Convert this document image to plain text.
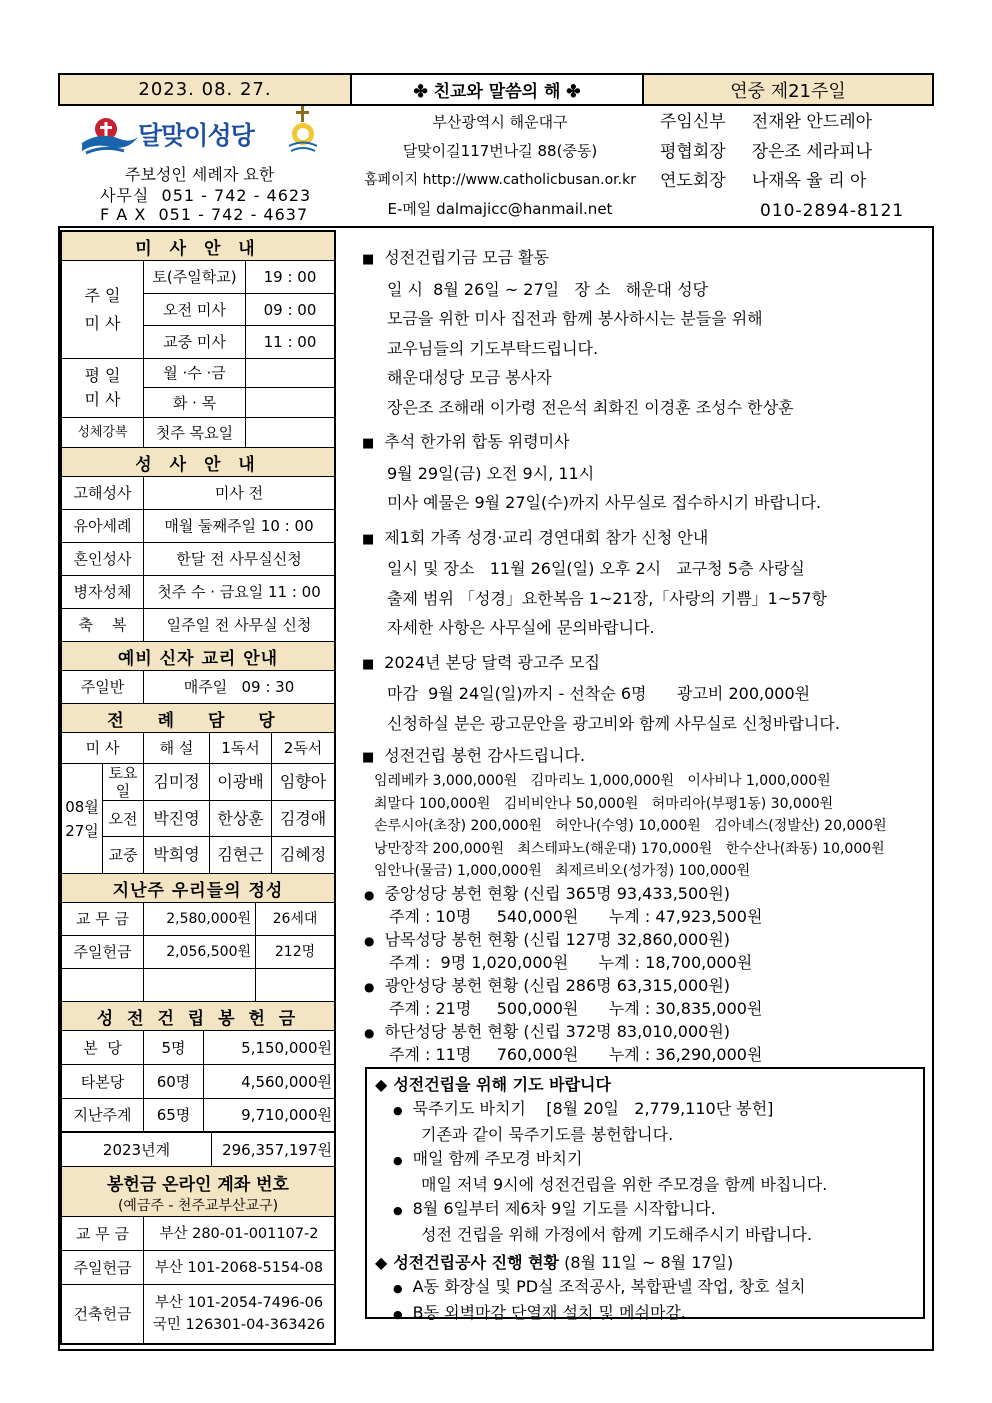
2023. 08. 27.	✤ 친교와 말씀의 해 ✤	연중 제21주일
달맞이성당
주보성인 세례자 요한
사무실 051 - 742 - 4623
F A X 051 - 742 - 4637
부산광역시 해운대구
달맞이길117번나길 88(중동)
홈페이지 http://www.catholicbusan.or.kr
E-메일 dalmajicc@hanmail.net
주임신부 전재완 안드레아
평협회장 장은조 세라피나
연도회장 나재옥 율 리 아
010-2894-8121
미 사 안 내
주 일
미 사
토(주일학교)	19 : 00
오전 미사	09 : 00
교중 미사	11 : 00
평 일
미 사
월 ·수 ·금
화 · 목
성체강복	첫주 목요일
성 사 안 내
고해성사	미사 전
유아세례	매월 둘째주일 10 : 00
혼인성사	한달 전 사무실신청
병자성체	첫주 수 · 금요일 11 : 00
축    복	일주일 전 사무실 신청
예비 신자 교리 안내
주일반	매주일   09 : 30
전 례 담 당
미 사	해 설	1독서	2독서
08월
27일
토요일	김미정	이광배	임향아
오전 박진영	한상훈	김경애
교중 박희영	김현근	김혜정
지난주 우리들의 정성
교 무 금	2,580,000원	26세대
주일헌금	2,056,500원	212명
성 전 건 립 봉 헌 금
본  당	5명	5,150,000원
타본당	60명	4,560,000원
지난주계	65명	9,710,000원
2023년계	296,357,197원
봉헌금 온라인 계좌 번호
(예금주 - 천주교부산교구)
교 무 금	부산 280-01-001107-2
주일헌금	부산 101-2068-5154-08
건축헌금
부산 101-2054-7496-06
국민 126301-04-363426
■ 성전건립기금 모금 활동
일 시  8월 26일 ~ 27일   장 소   해운대 성당
모금을 위한 미사 집전과 함께 봉사하시는 분들을 위해
교우님들의 기도부탁드립니다.
해운대성당 모금 봉사자
장은조 조해래 이가령 전은석 최화진 이경훈 조성수 한상훈
■ 추석 한가위 합동 위령미사
9월 29일(금) 오전 9시, 11시
미사 예물은 9월 27일(수)까지 사무실로 접수하시기 바랍니다.
■ 제1회 가족 성경·교리 경연대회 참가 신청 안내
일시 및 장소   11월 26일(일) 오후 2시   교구청 5층 사랑실
출제 범위 「성경」요한복음 1~21장,「사랑의 기쁨」1~57항
자세한 사항은 사무실에 문의바랍니다.
■ 2024년 본당 달력 광고주 모집
마감  9월 24일(일)까지 - 선착순 6명      광고비 200,000원
신청하실 분은 광고문안을 광고비와 함께 사무실로 신청바랍니다.
■ 성전건립 봉헌 감사드립니다.
임레베카 3,000,000원   김마리노 1,000,000원   이사비나 1,000,000원
최말다 100,000원   김비비안나 50,000원   허마리아(부평1동) 30,000원
손루시아(초장) 200,000원   허안나(수영) 10,000원   김아녜스(정발산) 20,000원
낭만장작 200,000원   최스테파노(해운대) 170,000원   한수산나(좌동) 10,000원
임안나(물금) 1,000,000원   최제르비오(성가정) 100,000원
● 중앙성당 봉헌 현황 (신립 365명 93,433,500원)
주계 : 10명     540,000원      누계 : 47,923,500원
● 남목성당 봉헌 현황 (신립 127명 32,860,000원)
주계 :  9명 1,020,000원      누계 : 18,700,000원
● 광안성당 봉헌 현황 (신립 286명 63,315,000원)
주계 : 21명     500,000원      누계 : 30,835,000원
● 하단성당 봉헌 현황 (신립 372명 83,010,000원)
주계 : 11명     760,000원      누계 : 36,290,000원
◆ 성전건립을 위해 기도 바랍니다
● 묵주기도 바치기    [8월 20일   2,779,110단 봉헌]
기존과 같이 묵주기도를 봉헌합니다.
● 매일 함께 주모경 바치기
매일 저녁 9시에 성전건립을 위한 주모경을 함께 바칩니다.
● 8월 6일부터 제6차 9일 기도를 시작합니다.
성전 건립을 위해 가정에서 함께 기도해주시기 바랍니다.
◆ 성전건립공사 진행 현황 (8월 11일 ~ 8월 17일)
● A동 화장실 및 PD실 조적공사, 복합판넬 작업, 창호 설치
● B동 외벽마감 단열재 설치 및 메쉬마감.
